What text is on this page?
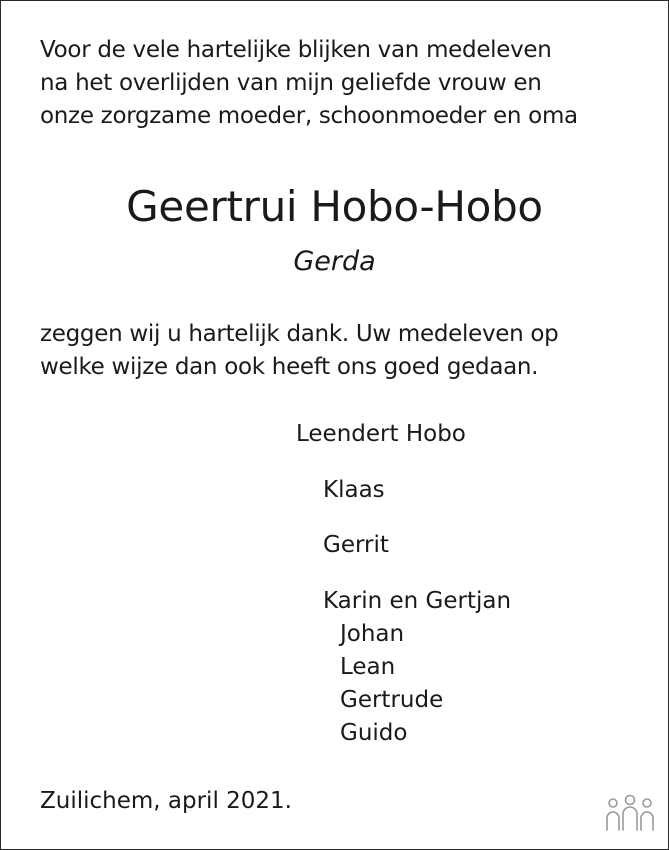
Voor de vele hartelijke blijken van medeleven
na het overlijden van mijn geliefde vrouw en
onze zorgzame moeder, schoonmoeder en oma
Geertrui Hobo-Hobo
Gerda
zeggen wij u hartelijk dank. Uw medeleven op
welke wijze dan ook heeft ons goed gedaan.
Leendert Hobo
Klaas
Gerrit
Karin en Gertjan
Johan
Lean
Gertrude
Guido
Zuilichem, april 2021.
